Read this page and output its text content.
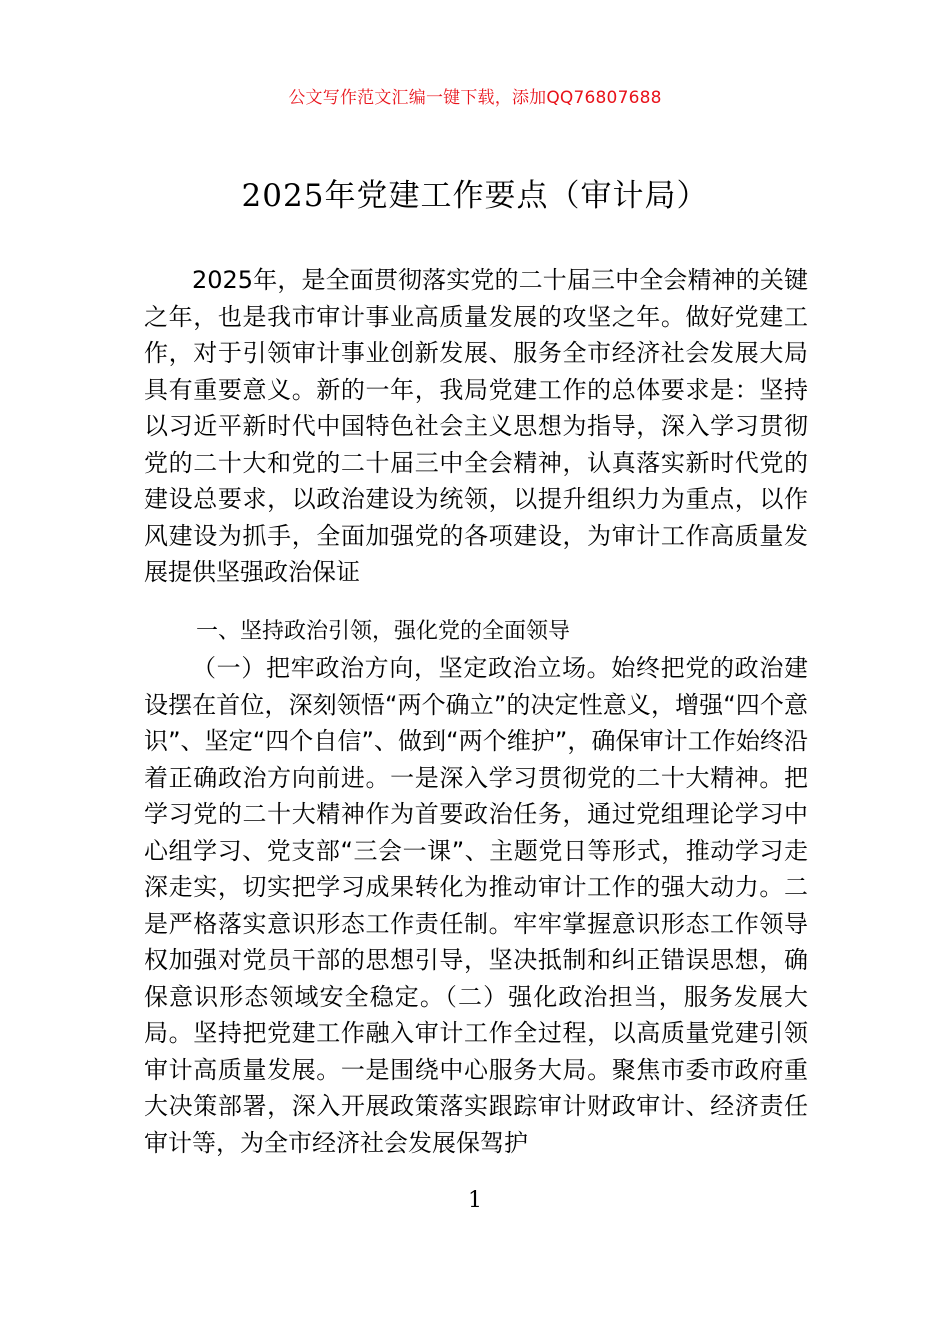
公文写作范文汇编一键下载，添加QQ76807688
2025年党建工作要点（审计局）

2025年，是全面贯彻落实党的二十届三中全会精神的关键之年，也是我市审计事业高质量发展的攻坚之年。做好党建工作，对于引领审计事业创新发展、服务全市经济社会发展大局具有重要意义。新的一年，我局党建工作的总体要求是：坚持以习近平新时代中国特色社会主义思想为指导，深入学习贯彻党的二十大和党的二十届三中全会精神，认真落实新时代党的建设总要求，以政治建设为统领，以提升组织力为重点，以作风建设为抓手，全面加强党的各项建设，为审计工作高质量发展提供坚强政治保证

一、坚持政治引领，强化党的全面领导

（一）把牢政治方向，坚定政治立场。始终把党的政治建设摆在首位，深刻领悟“两个确立”的决定性意义，增强“四个意识”、坚定“四个自信”、做到“两个维护”，确保审计工作始终沿着正确政治方向前进。一是深入学习贯彻党的二十大精神。把学习党的二十大精神作为首要政治任务，通过党组理论学习中心组学习、党支部“三会一课”、主题党日等形式，推动学习走深走实，切实把学习成果转化为推动审计工作的强大动力。二是严格落实意识形态工作责任制。牢牢掌握意识形态工作领导权加强对党员干部的思想引导，坚决抵制和纠正错误思想，确保意识形态领域安全稳定。（二）强化政治担当，服务发展大局。坚持把党建工作融入审计工作全过程，以高质量党建引领审计高质量发展。一是围绕中心服务大局。聚焦市委市政府重大决策部署，深入开展政策落实跟踪审计财政审计、经济责任审计等，为全市经济社会发展保驾护

1
